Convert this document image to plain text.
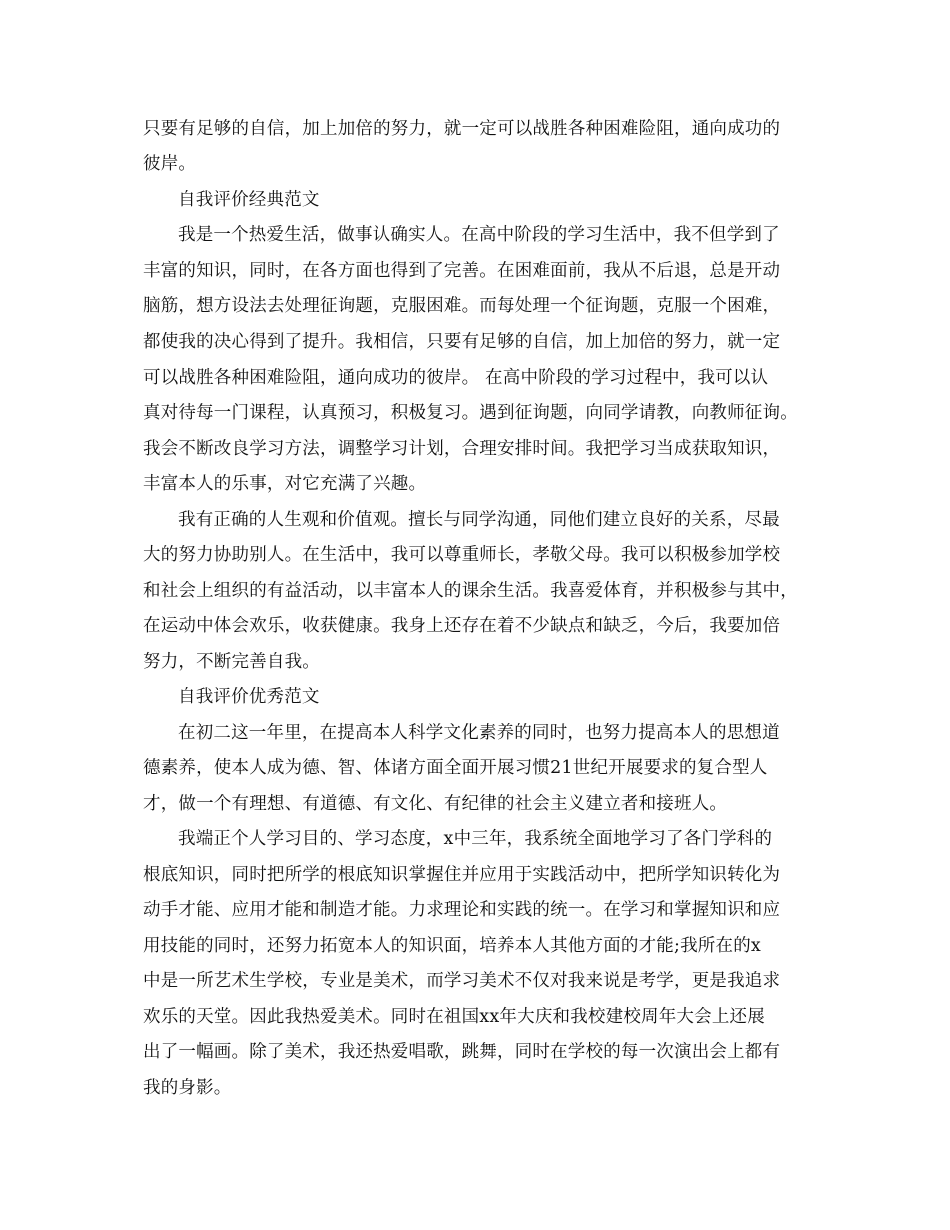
只要有足够的自信，加上加倍的努力，就一定可以战胜各种困难险阻，通向成功的
彼岸。
自我评价经典范文
我是一个热爱生活，做事认确实人。在高中阶段的学习生活中，我不但学到了
丰富的知识，同时，在各方面也得到了完善。在困难面前，我从不后退，总是开动
脑筋，想方设法去处理征询题，克服困难。而每处理一个征询题，克服一个困难，
都使我的决心得到了提升。我相信，只要有足够的自信，加上加倍的努力，就一定
可以战胜各种困难险阻，通向成功的彼岸。 在高中阶段的学习过程中，我可以认
真对待每一门课程，认真预习，积极复习。遇到征询题，向同学请教，向教师征询。
我会不断改良学习方法，调整学习计划，合理安排时间。我把学习当成获取知识，
丰富本人的乐事，对它充满了兴趣。
我有正确的人生观和价值观。擅长与同学沟通，同他们建立良好的关系，尽最
大的努力协助别人。在生活中，我可以尊重师长，孝敬父母。我可以积极参加学校
和社会上组织的有益活动，以丰富本人的课余生活。我喜爱体育，并积极参与其中，
在运动中体会欢乐，收获健康。我身上还存在着不少缺点和缺乏，今后，我要加倍
努力，不断完善自我。
自我评价优秀范文
在初二这一年里，在提高本人科学文化素养的同时，也努力提高本人的思想道
德素养，使本人成为德、智、体诸方面全面开展习惯21世纪开展要求的复合型人
才，做一个有理想、有道德、有文化、有纪律的社会主义建立者和接班人。
我端正个人学习目的、学习态度，x中三年，我系统全面地学习了各门学科的
根底知识，同时把所学的根底知识掌握住并应用于实践活动中，把所学知识转化为
动手才能、应用才能和制造才能。力求理论和实践的统一。在学习和掌握知识和应
用技能的同时，还努力拓宽本人的知识面，培养本人其他方面的才能;我所在的x
中是一所艺术生学校，专业是美术，而学习美术不仅对我来说是考学，更是我追求
欢乐的天堂。因此我热爱美术。同时在祖国xx年大庆和我校建校周年大会上还展
出了一幅画。除了美术，我还热爱唱歌，跳舞，同时在学校的每一次演出会上都有
我的身影。
